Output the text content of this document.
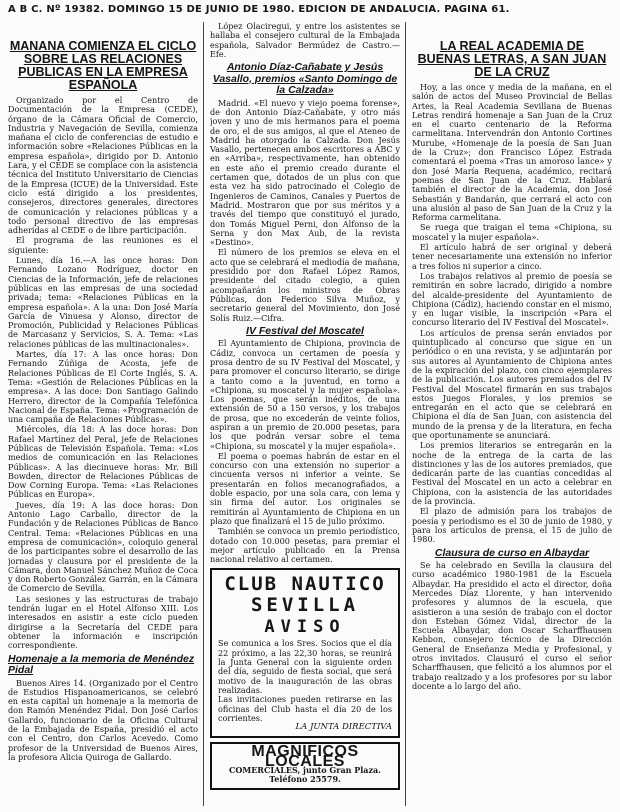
A B C. Nº 19382. DOMINGO 15 DE JUNIO DE 1980. EDICION DE ANDALUCIA. PAGINA 61.
MAÑANA COMIENZA EL CICLO SOBRE LAS RELACIONES PUBLICAS EN LA EMPRESA ESPAÑOLA

Organizado por el Centro de Documentación de la Empresa (CEDE), órgano de la Cámara Oficial de Comercio, Industria y Navegación de Sevilla, comienza mañana el ciclo de conferencias de estudio e información sobre «Relaciones Públicas en la empresa española», dirigido por D. Antonio Lara, y el CEDE se complace con la asistencia técnica del Instituto Universitario de Ciencias de la Empresa (ICUE) de la Universidad. Este ciclo está dirigido a los presidentes, consejeros, directores generales, directores de comunicación y relaciones públicas y a todo personal directivo de las empresas adheridas al CEDE o de libre participación.

El programa de las reuniones es el siguiente:

Lunes, día 16.—A las once horas: Don Fernando Lozano Rodríguez, doctor en Ciencias de la Información, jefe de relaciones públicas en las empresas de una sociedad privada; tema: «Relaciones Públicas en la empresa española». A la una: Don José María García de Vinuesa y Alonso, director de Promoción, Publicidad y Relaciones Públicas de Marcasanz y Servicios, S. A. Tema: «Las relaciones públicas de las multinacionales».

Martes, día 17: A las once horas: Don Fernando Zúñiga de Acosta, jefe de Relaciones Públicas de El Corte Inglés, S. A. Tema: «Gestión de Relaciones Públicas en la empresa». A las doce: Don Santiago Galindo Herrero, director de la Compañía Telefónica Nacional de España. Tema: «Programación de una campaña de Relaciones Públicas».

Miércoles, día 18: A las doce horas: Don Rafael Martínez del Peral, jefe de Relaciones Públicas de Televisión Española. Tema: «Los medios de comunicación en las Relaciones Públicas». A las diecinueve horas: Mr. Bill Bowden, director de Relaciones Públicas de Dow Corning Europa. Tema: «Las Relaciones Públicas en Europa».

Jueves, día 19: A las doce horas: Don Antonio Lago Carballo, director de la Fundación y de Relaciones Públicas de Banco Central. Tema: «Relaciones Públicas en una empresa de comunicación», coloquio general de los participantes sobre el desarrollo de las jornadas y clausura por el presidente de la Cámara, don Manuel Sánchez Muñoz de Coca y don Roberto González Garrán, en la Cámara de Comercio de Sevilla.

Las sesiones y las estructuras de trabajo tendrán lugar en el Hotel Alfonso XIII. Los interesados en asistir a este ciclo pueden dirigirse a la Secretaría del CEDE para obtener la información e inscripción correspondiente.

Homenaje a la memoria de Menéndez Pidal

Buenos Aires 14. (Organizado por el Centro de Estudios Hispanoamericanos, se celebró en esta capital un homenaje a la memoria de don Ramón Menéndez Pidal. Don José Carlos Gallardo, funcionario de la Oficina Cultural de la Embajada de España, presidió el acto con el Centro, don Carlos Acevedo. Como profesor de la Universidad de Buenos Aires, la profesora Alicia Quiroga de Gallardo.

López Olaciregui, y entre los asistentes se hallaba el consejero cultural de la Embajada española, Salvador Bermúdez de Castro.—Efe.

Antonio Díaz-Cañabate y Jesús Vasallo, premios «Santo Domingo de la Calzada»

Madrid. «El nuevo y viejo poema forense», de don Antonio Díaz-Cañabate, y otro más joven y uno de mis hermanos para el poema de oro, el de sus amigos, al que el Ateneo de Madrid ha otorgado la Calzada. Don Jesús Vasallo, pertenecen ambos escritores a ABC y en «Arriba», respectivamente, han obtenido en este año el premio creado durante el certamen que, dotados de un plus con que esta vez ha sido patrocinado el Colegio de Ingenieros de Caminos, Canales y Puertos de Madrid. Mostraron que por sus méritos y a través del tiempo que constituyó el jurado, don Tomás Miguel Perni, don Alfonso de la Serna y don Max Aub, de la revista «Destino».

El número de los premios se eleva en el acto que se celebrará el mediodía de mañana, presidido por don Rafael López Ramos, presidente del citado colegio, a quien acompañarán los ministros de Obras Públicas, don Federico Silva Muñoz, y secretario general del Movimiento, don José Solís Ruiz.—Cifra.

IV Festival del Moscatel

El Ayuntamiento de Chipiona, provincia de Cádiz, convoca un certamen de poesía y prosa dentro de su IV Festival del Moscatel, y para promover el concurso literario, se dirige a tanto como a la juventud, en torno a «Chipiona, su moscatel y la mujer española». Los poemas, que serán inéditos, de una extensión de 50 a 150 versos, y los trabajos de prosa, que no excederán de veinte folios, aspiran a un premio de 20.000 pesetas, para los que podrán versar sobre el tema «Chipiona, su moscatel y la mujer española».

El poema o poemas habrán de estar en el concurso con una extensión no superior a cincuenta versos ni inferior a veinte. Se presentarán en folios mecanografiados, a doble espacio, por una sola cara, con lema y sin firma del autor. Los originales se remitirán al Ayuntamiento de Chipiona en un plazo que finalizará el 15 de julio próximo.

También se convoca un premio periodístico, dotado con 10.000 pesetas, para premiar el mejor artículo publicado en la Prensa nacional relativo al certamen.

CLUB NAUTICO
SEVILLA
AVISO
Se comunica a los Sres. Socios que el día 22 próximo, a las 22,30 horas, se reunirá la Junta General con la siguiente orden del día, seguido de fiesta social, que será motivo de la inauguración de las obras realizadas.
Las invitaciones pueden retirarse en las oficinas del Club hasta el día 20 de los corrientes.
LA JUNTA DIRECTIVA
MAGNIFICOS LOCALES
COMERCIALES, junto Gran Plaza. Teléfono 25579.
LA REAL ACADEMIA DE BUENAS LETRAS, A SAN JUAN DE LA CRUZ

Hoy, a las once y media de la mañana, en el salón de actos del Museo Provincial de Bellas Artes, la Real Academia Sevillana de Buenas Letras rendirá homenaje a San Juan de la Cruz en el cuarto centenario de la Reforma carmelitana. Intervendrán don Antonio Cortines Murube, «Homenaje de la poesía de San Juan de la Cruz»; don Francisco López Estrada comentará el poema «Tras un amoroso lance» y don José María Requena, académico, recitará poemas de San Juan de la Cruz. Hablará también el director de la Academia, don José Sebastián y Bandarán, que cerrará el acto con una alusión al paso de San Juan de la Cruz y la Reforma carmelitana.

Se ruega que traigan el tema «Chipiona, su moscatel y la mujer española».

El artículo habrá de ser original y deberá tener necesariamente una extensión no inferior a tres folios ni superior a cinco.

Los trabajos relativos al premio de poesía se remitirán en sobre lacrado, dirigido a nombre del alcalde-presidente del Ayuntamiento de Chipiona (Cádiz), haciendo constar en el mismo, y en lugar visible, la inscripción «Para el concurso literario del IV Festival del Moscatel».

Los artículos de prensa serán enviados por quintuplicado al concurso que sigue en un periódico o en una revista, y se adjuntarán por sus autores al Ayuntamiento de Chipiona antes de la expiración del plazo, con cinco ejemplares de la publicación. Los autores premiados del IV Festival del Moscatel firmarán en sus trabajos estos Juegos Florales, y los premios se entregarán en el acto que se celebrará en Chipiona el día de San Juan, con asistencia del mundo de la prensa y de la literatura, en fecha que oportunamente se anunciará.

Los premios literarios se entregarán en la noche de la entrega de la carta de las distinciones y las de los autores premiados, que dedicarán parte de las cuantías concedidas al Festival del Moscatel en un acto a celebrar en Chipiona, con la asistencia de las autoridades de la provincia.

El plazo de admisión para los trabajos de poesía y periodismo es el 30 de junio de 1980, y para los artículos de prensa, el 15 de julio de 1980.

Clausura de curso en Albaydar

Se ha celebrado en Sevilla la clausura del curso académico 1980-1981 de la Escuela Albaydar. Ha presidido el acto el director, doña Mercedes Díaz Llorente, y han intervenido profesores y alumnos de la escuela, que asistieron a una sesión de trabajo con el doctor don Esteban Gómez Vidal, director de la Escuela Albaydar, don Oscar Scharffhausen Kebbon, consejero técnico de la Dirección General de Enseñanza Media y Profesional, y otros invitados. Clausuró el curso el señor Scharffhausen, que felicitó a los alumnos por el trabajo realizado y a los profesores por su labor docente a lo largo del año.
